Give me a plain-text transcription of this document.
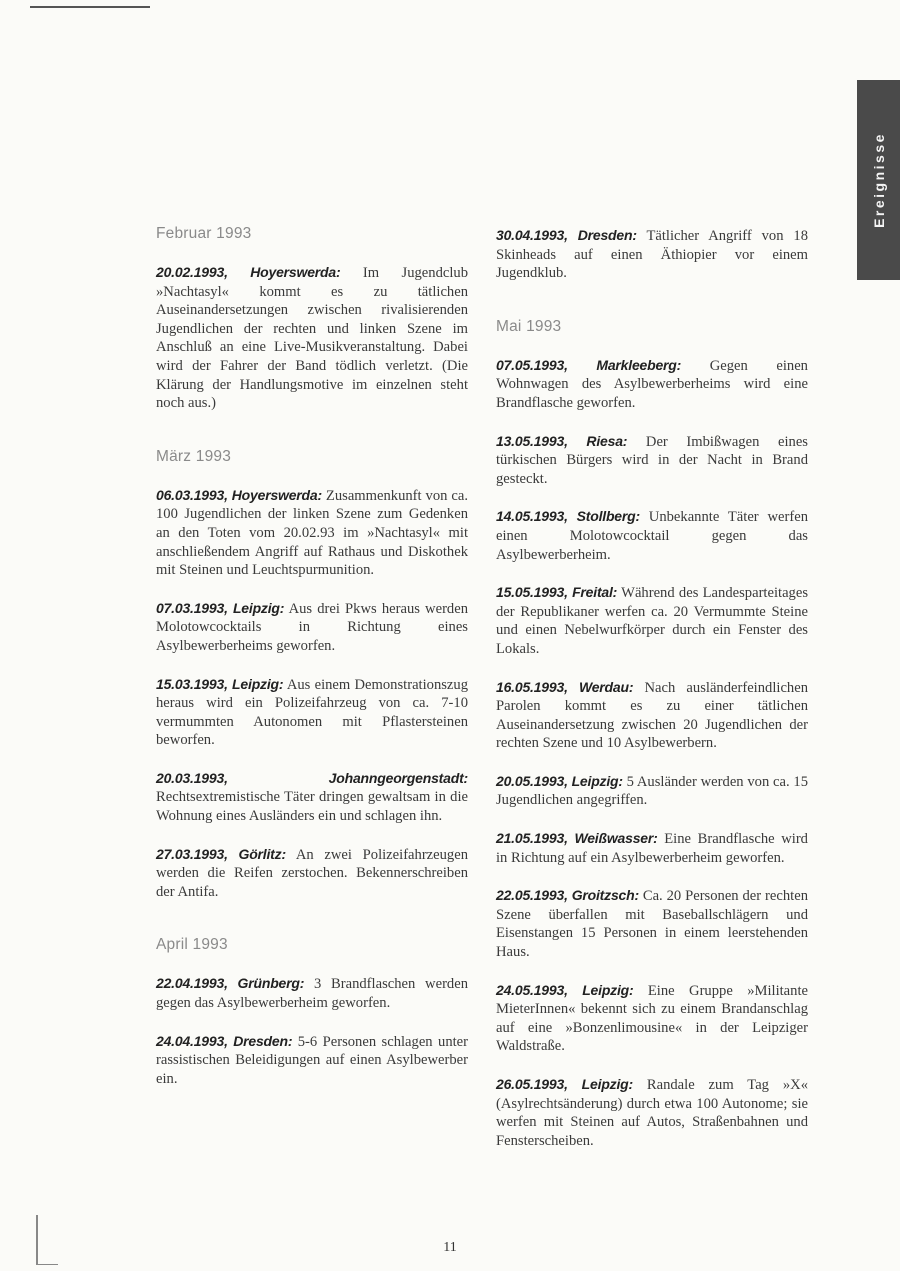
Ereignisse
Februar 1993

20.02.1993, Hoyerswerda: Im Jugendclub »Nachtasyl« kommt es zu tätlichen Auseinandersetzungen zwischen rivalisierenden Jugendlichen der rechten und linken Szene im Anschluß an eine Live-Musikveranstaltung. Dabei wird der Fahrer der Band tödlich verletzt. (Die Klärung der Handlungsmotive im einzelnen steht noch aus.)

März 1993

06.03.1993, Hoyerswerda: Zusammenkunft von ca. 100 Jugendlichen der linken Szene zum Gedenken an den Toten vom 20.02.93 im »Nachtasyl« mit anschließendem Angriff auf Rathaus und Diskothek mit Steinen und Leuchtspurmunition.

07.03.1993, Leipzig: Aus drei Pkws heraus werden Molotowcocktails in Richtung eines Asylbewerberheims geworfen.

15.03.1993, Leipzig: Aus einem Demonstrationszug heraus wird ein Polizeifahrzeug von ca. 7-10 vermummten Autonomen mit Pflastersteinen beworfen.

20.03.1993, Johanngeorgenstadt: Rechtsextremistische Täter dringen gewaltsam in die Wohnung eines Ausländers ein und schlagen ihn.

27.03.1993, Görlitz: An zwei Polizeifahrzeugen werden die Reifen zerstochen. Bekennerschreiben der Antifa.

April 1993

22.04.1993, Grünberg: 3 Brandflaschen werden gegen das Asylbewerberheim geworfen.

24.04.1993, Dresden: 5-6 Personen schlagen unter rassistischen Beleidigungen auf einen Asylbewerber ein.

30.04.1993, Dresden: Tätlicher Angriff von 18 Skinheads auf einen Äthiopier vor einem Jugendklub.

Mai 1993

07.05.1993, Markleeberg: Gegen einen Wohnwagen des Asylbewerberheims wird eine Brandflasche geworfen.

13.05.1993, Riesa: Der Imbißwagen eines türkischen Bürgers wird in der Nacht in Brand gesteckt.

14.05.1993, Stollberg: Unbekannte Täter werfen einen Molotowcocktail gegen das Asylbewerberheim.

15.05.1993, Freital: Während des Landesparteitages der Republikaner werfen ca. 20 Vermummte Steine und einen Nebelwurfkörper durch ein Fenster des Lokals.

16.05.1993, Werdau: Nach ausländerfeindlichen Parolen kommt es zu einer tätlichen Auseinandersetzung zwischen 20 Jugendlichen der rechten Szene und 10 Asylbewerbern.

20.05.1993, Leipzig: 5 Ausländer werden von ca. 15 Jugendlichen angegriffen.

21.05.1993, Weißwasser: Eine Brandflasche wird in Richtung auf ein Asylbewerberheim geworfen.

22.05.1993, Groitzsch: Ca. 20 Personen der rechten Szene überfallen mit Baseballschlägern und Eisenstangen 15 Personen in einem leerstehenden Haus.

24.05.1993, Leipzig: Eine Gruppe »Militante MieterInnen« bekennt sich zu einem Brandanschlag auf eine »Bonzenlimousine« in der Leipziger Waldstraße.

26.05.1993, Leipzig: Randale zum Tag »X« (Asylrechtsänderung) durch etwa 100 Autonome; sie werfen mit Steinen auf Autos, Straßenbahnen und Fensterscheiben.

11
